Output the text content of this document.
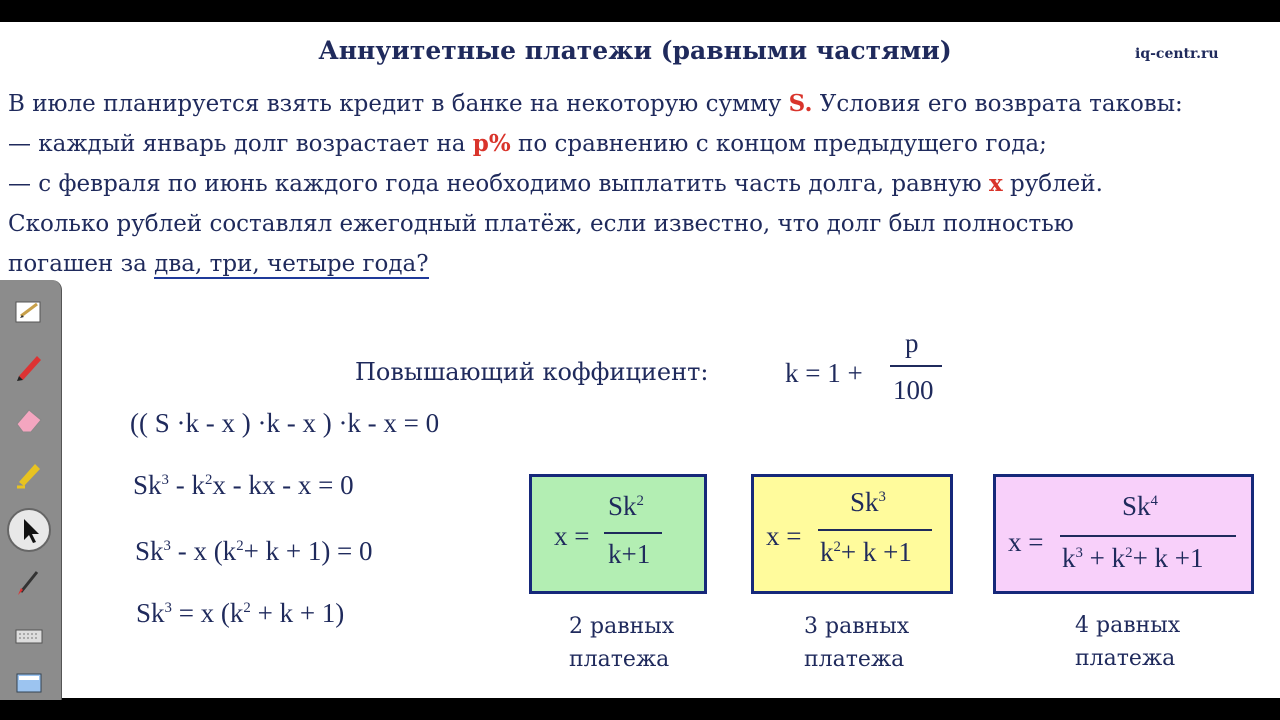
Аннуитетные платежи (равными частями)	iq-centr.ru
В июле планируется взять кредит в банке на некоторую сумму S. Условия его возврата таковы:
— каждый январь долг возрастает на p% по сравнению с концом предыдущего года;
— с февраля по июнь каждого года необходимо выплатить часть долга, равную x рублей.
Сколько рублей составлял ежегодный платёж, если известно, что долг был полностью
погашен за два, три, четыре года?
Повышающий коффициент:	k = 1 +
p
100
(( S ·k - x ) ·k - x ) ·k - x = 0
$Sk^3 - k^2x$ - kx - x = 0
Sk$^3$ - x $(k^2+ k + 1) = 0$
$Sk^3 = x$ $(k^2 + k + 1)$
x =
$Sk^2$
k+1
x =
$Sk^3$
$k^2+ k +1$	x =
$Sk^4$
$k^3 + k^2+ k +1$
2 равных
платежа
3 равных
платежа
4 равных
платежа
